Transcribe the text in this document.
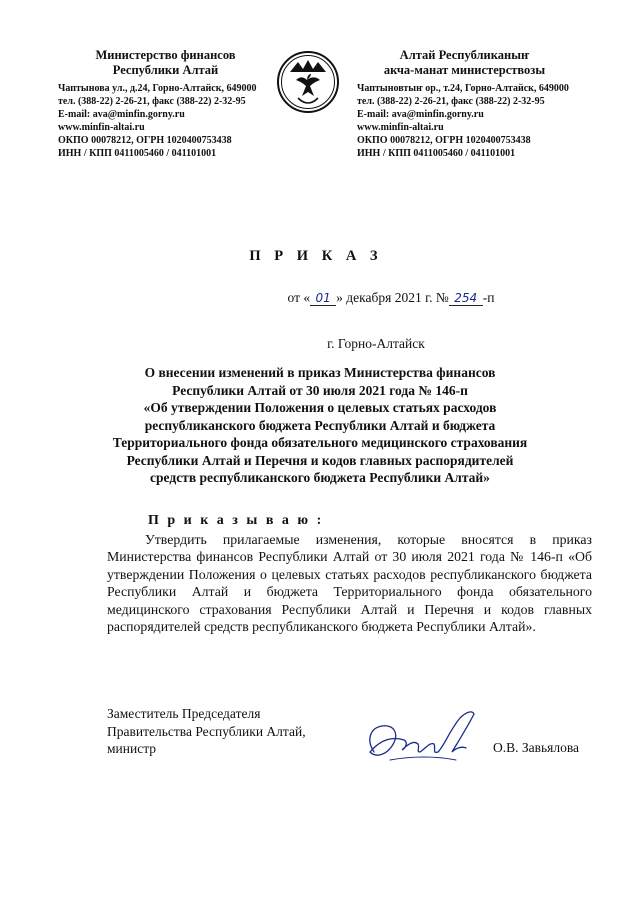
Министерство финансов
Республики Алтай
Чаптынова ул., д.24, Горно-Алтайск, 649000
тел. (388-22) 2-26-21, факс (388-22) 2-32-95
E-mail: ava@minfin.gorny.ru
www.minfin-altai.ru
ОКПО 00078212, ОГРН 1020400753438
ИНН / КПП 0411005460 / 041101001
Алтай Республиканыҥ
акча-манат министерствозы
Чаптыновтыҥ ор., т.24, Горно-Алтайск, 649000
тел. (388-22) 2-26-21, факс (388-22) 2-32-95
E-mail: ava@minfin.gorny.ru
www.minfin-altai.ru
ОКПО 00078212, ОГРН 1020400753438
ИНН / КПП 0411005460 / 041101001
П Р И К А З
от « 01 » декабря 2021 г. № 254 -п
г. Горно-Алтайск
О внесении изменений в приказ Министерства финансов
Республики Алтай от 30 июля 2021 года № 146-п
«Об утверждении Положения о целевых статьях расходов
республиканского бюджета Республики Алтай и бюджета
Территориального фонда обязательного медицинского страхования
Республики Алтай и Перечня и кодов главных распорядителей
средств республиканского бюджета Республики Алтай»
П р и к а з ы в а ю :
Утвердить прилагаемые изменения, которые вносятся в приказ Министерства финансов Республики Алтай от 30 июля 2021 года № 146-п «Об утверждении Положения о целевых статьях расходов республиканского бюджета Республики Алтай и бюджета Территориального фонда обязательного медицинского страхования Республики Алтай и Перечня и кодов главных распорядителей средств республиканского бюджета Республики Алтай».
Заместитель Председателя
Правительства Республики Алтай,
министр	О.В. Завьялова
